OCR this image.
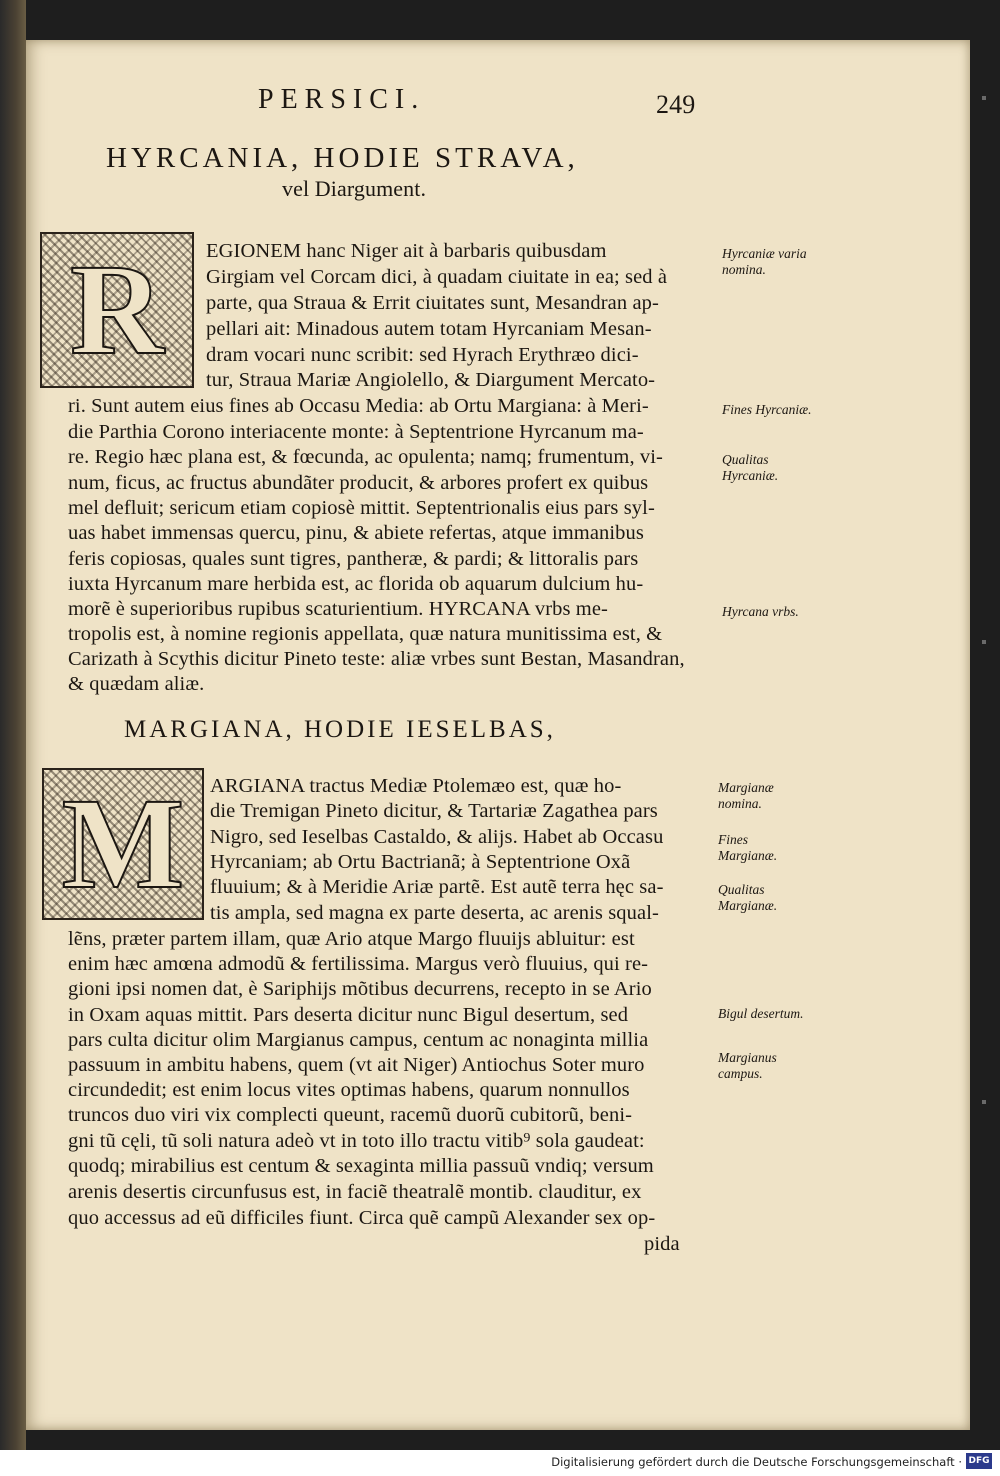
PERSICI.	249
HYRCANIA, HODIE STRAVA,
vel Diargument.
R	EGIONEM hanc Niger ait à barbaris quibusdam
Girgiam vel Corcam dici, à quadam ciuitate in ea; sed à
parte, qua Straua & Errit ciuitates sunt, Mesandran ap-
pellari ait: Minadous autem totam Hyrcaniam Mesan-
dram vocari nunc scribit: sed Hyrach Erythræo dici-
tur, Straua Mariæ Angiolello, & Diargument Mercato-
ri. Sunt autem eius fines ab Occasu Media: ab Ortu Margiana: à Meri-
die Parthia Corono interiacente monte: à Septentrione Hyrcanum ma-
re. Regio hæc plana est, & fœcunda, ac opulenta; namq; frumentum, vi-
num, ficus, ac fructus abundãter producit, & arbores profert ex quibus
mel defluit; sericum etiam copiosè mittit. Septentrionalis eius pars syl-
uas habet immensas quercu, pinu, & abiete refertas, atque immanibus
feris copiosas, quales sunt tigres, pantheræ, & pardi; & littoralis pars
iuxta Hyrcanum mare herbida est, ac florida ob aquarum dulcium hu-
morẽ è superioribus rupibus scaturientium. HYRCANA vrbs me-
tropolis est, à nomine regionis appellata, quæ natura munitissima est, &
Carizath à Scythis dicitur Pineto teste: aliæ vrbes sunt Bestan, Masandran,
& quædam aliæ.
Hyrcaniæ varia nomina.
Fines Hyrcaniæ.
Qualitas Hyrcaniæ.
Hyrcana vrbs.
MARGIANA, HODIE IESELBAS,
M	ARGIANA tractus Mediæ Ptolemæo est, quæ ho-
die Tremigan Pineto dicitur, & Tartariæ Zagathea pars
Nigro, sed Ieselbas Castaldo, & alijs. Habet ab Occasu
Hyrcaniam; ab Ortu Bactrianã; à Septentrione Oxã
fluuium; & à Meridie Ariæ partẽ. Est autẽ terra hęc sa-
tis ampla, sed magna ex parte deserta, ac arenis squal-
lẽns, præter partem illam, quæ Ario atque Margo fluuijs abluitur: est
enim hæc amœna admodũ & fertilissima. Margus verò fluuius, qui re-
gioni ipsi nomen dat, è Sariphijs mõtibus decurrens, recepto in se Ario
in Oxam aquas mittit. Pars deserta dicitur nunc Bigul desertum, sed
pars culta dicitur olim Margianus campus, centum ac nonaginta millia
passuum in ambitu habens, quem (vt ait Niger) Antiochus Soter muro
circundedit; est enim locus vites optimas habens, quarum nonnullos
truncos duo viri vix complecti queunt, racemũ duorũ cubitorũ, beni-
gni tũ cęli, tũ soli natura adeò vt in toto illo tractu vitib⁹ sola gaudeat:
quodq; mirabilius est centum & sexaginta millia passuũ vndiq; versum
arenis desertis circunfusus est, in faciẽ theatralẽ montib. clauditur, ex
quo accessus ad eũ difficiles fiunt. Circa quẽ campũ Alexander sex op-
pida
Margianæ nomina.
Fines Margianæ.
Qualitas Margianæ.
Bigul desertum.
Margianus campus.
Digitalisierung gefördert durch die Deutsche Forschungsgemeinschaft · DFG
